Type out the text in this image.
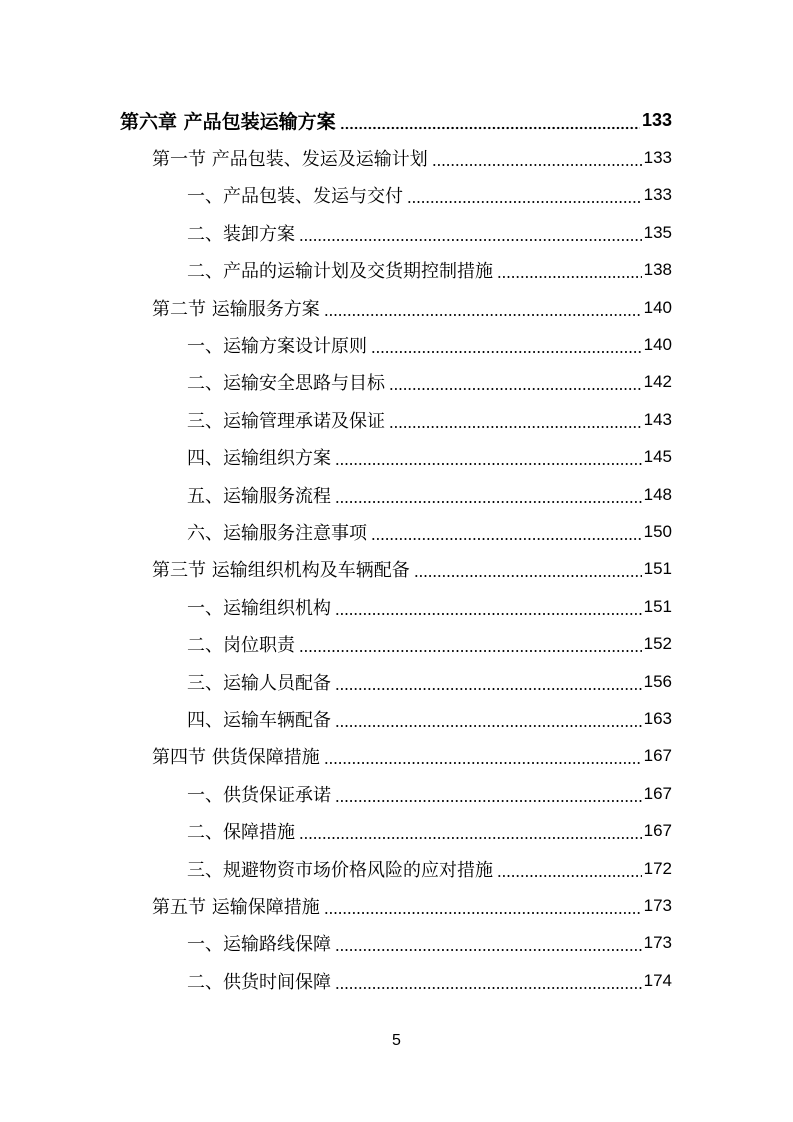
第六章 产品包装运输方案	133
第一节 产品包装、发运及运输计划	133
一、产品包装、发运与交付	133
二、装卸方案	135
二、产品的运输计划及交货期控制措施	138
第二节 运输服务方案	140
一、运输方案设计原则	140
二、运输安全思路与目标	142
三、运输管理承诺及保证	143
四、运输组织方案	145
五、运输服务流程	148
六、运输服务注意事项	150
第三节 运输组织机构及车辆配备	151
一、运输组织机构	151
二、岗位职责	152
三、运输人员配备	156
四、运输车辆配备	163
第四节 供货保障措施	167
一、供货保证承诺	167
二、保障措施	167
三、规避物资市场价格风险的应对措施	172
第五节 运输保障措施	173
一、运输路线保障	173
二、供货时间保障	174
5
